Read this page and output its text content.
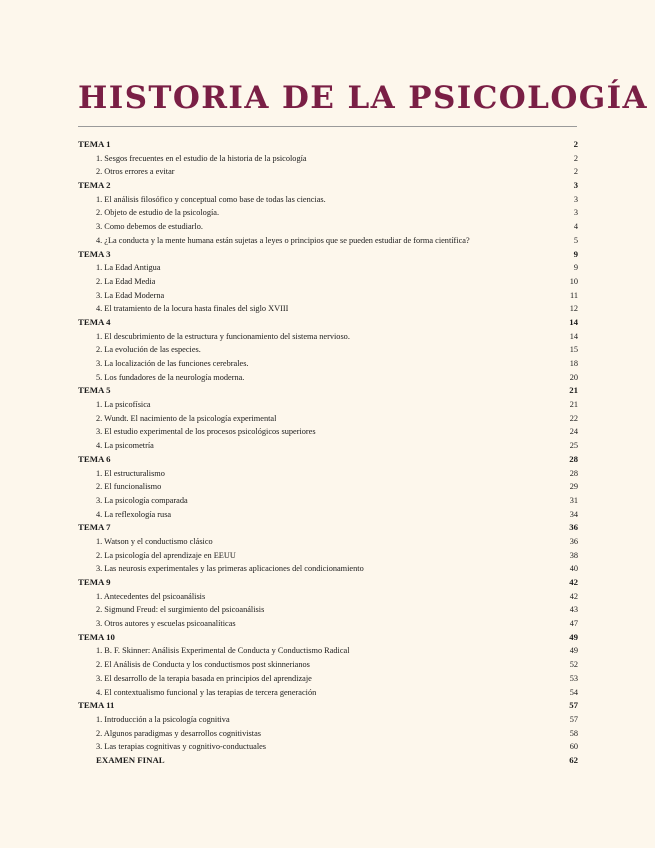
HISTORIA DE LA PSICOLOGÍA
TEMA 1	2
1. Sesgos frecuentes en el estudio de la historia de la psicología	2
2. Otros errores a evitar	2
TEMA 2	3
1. El análisis filosófico y conceptual como base de todas las ciencias.	3
2. Objeto de estudio de la psicología.	3
3. Como debemos de estudiarlo.	4
4. ¿La conducta y la mente humana están sujetas a leyes o principios que se pueden estudiar de forma científica?	5
TEMA 3	9
1. La Edad Antigua	9
2. La Edad Media	10
3. La Edad Moderna	11
4. El tratamiento de la locura hasta finales del siglo XVIII	12
TEMA 4	14
1. El descubrimiento de la estructura y funcionamiento del sistema nervioso.	14
2. La evolución de las especies.	15
3. La localización de las funciones cerebrales.	18
5. Los fundadores de la neurología moderna.	20
TEMA 5	21
1. La psicofísica	21
2. Wundt. El nacimiento de la psicología experimental	22
3. El estudio experimental de los procesos psicológicos superiores	24
4. La psicometría	25
TEMA 6	28
1. El estructuralismo	28
2. El funcionalismo	29
3. La psicología comparada	31
4. La reflexología rusa	34
TEMA 7	36
1. Watson y el conductismo clásico	36
2. La psicología del aprendizaje en EEUU	38
3. Las neurosis experimentales y las primeras aplicaciones del condicionamiento	40
TEMA 9	42
1. Antecedentes del psicoanálisis	42
2. Sigmund Freud: el surgimiento del psicoanálisis	43
3. Otros autores y escuelas psicoanalíticas	47
TEMA 10	49
1. B. F. Skinner: Análisis Experimental de Conducta y Conductismo Radical	49
2. El Análisis de Conducta y los conductismos post skinnerianos	52
3. El desarrollo de la terapia basada en principios del aprendizaje	53
4. El contextualismo funcional y las terapias de tercera generación	54
TEMA 11	57
1. Introducción a la psicología cognitiva	57
2. Algunos paradigmas y desarrollos cognitivistas	58
3. Las terapias cognitivas y cognitivo-conductuales	60
EXAMEN FINAL	62
